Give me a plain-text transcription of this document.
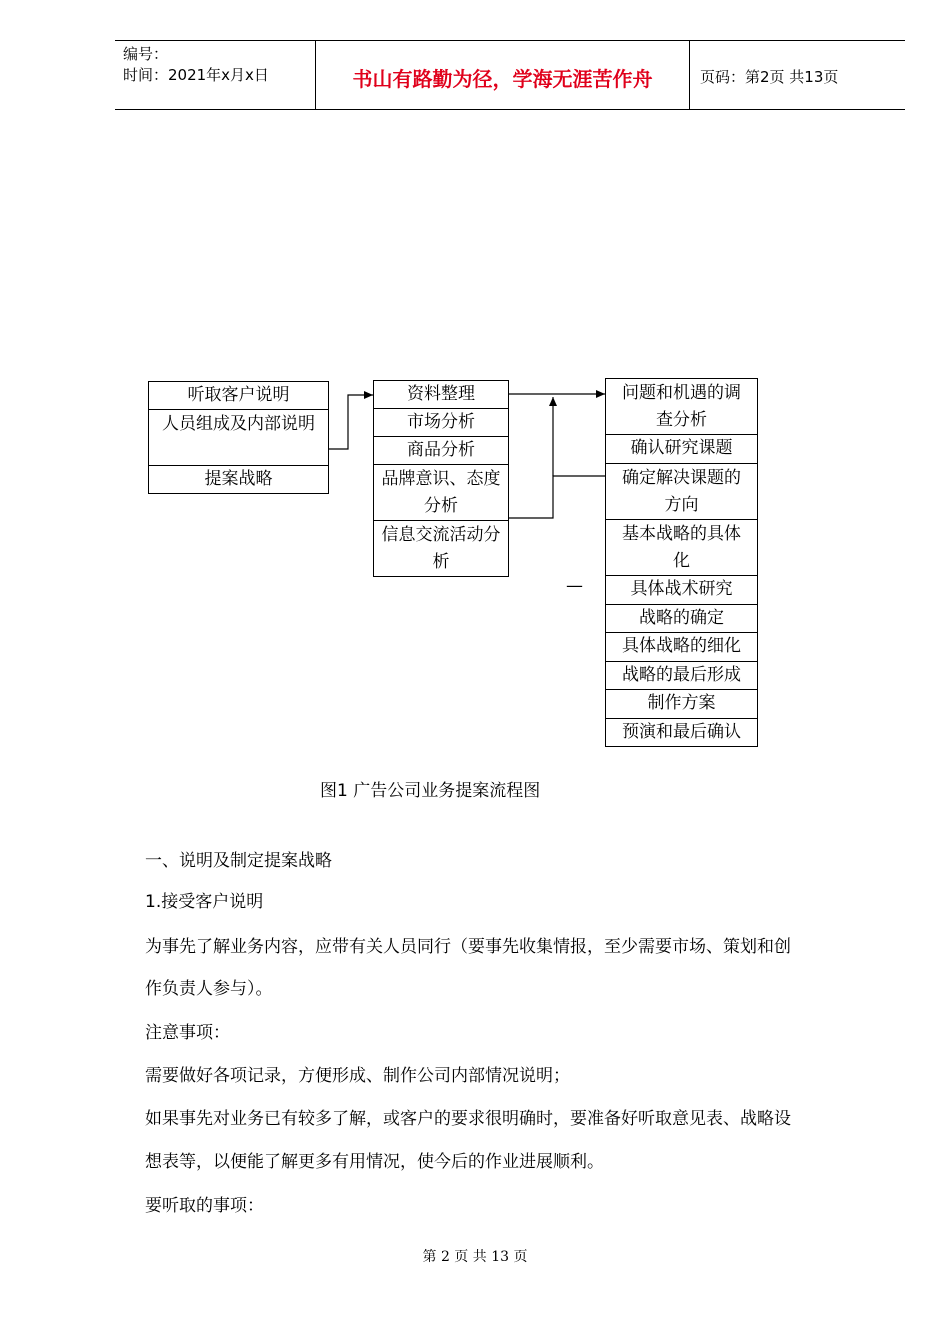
编号：
时间：2021年x月x日	书山有路勤为径，学海无涯苦作舟	页码：第2页 共13页
听取客户说明
人员组成及内部说明
提案战略
资料整理
市场分析
商品分析
品牌意识、态度分析
信息交流活动分析
问题和机遇的调查分析
确认研究课题
确定解决课题的方向
基本战略的具体化
具体战术研究
战略的确定
具体战略的细化
战略的最后形成
制作方案
预演和最后确认
—
图1 广告公司业务提案流程图
一、说明及制定提案战略
1.接受客户说明
为事先了解业务内容，应带有关人员同行（要事先收集情报，至少需要市场、策划和创
作负责人参与）。
注意事项：
需要做好各项记录，方便形成、制作公司内部情况说明；
如果事先对业务已有较多了解，或客户的要求很明确时，要准备好听取意见表、战略设
想表等，以便能了解更多有用情况，使今后的作业进展顺利。
要听取的事项：
第 2 页 共 13 页
